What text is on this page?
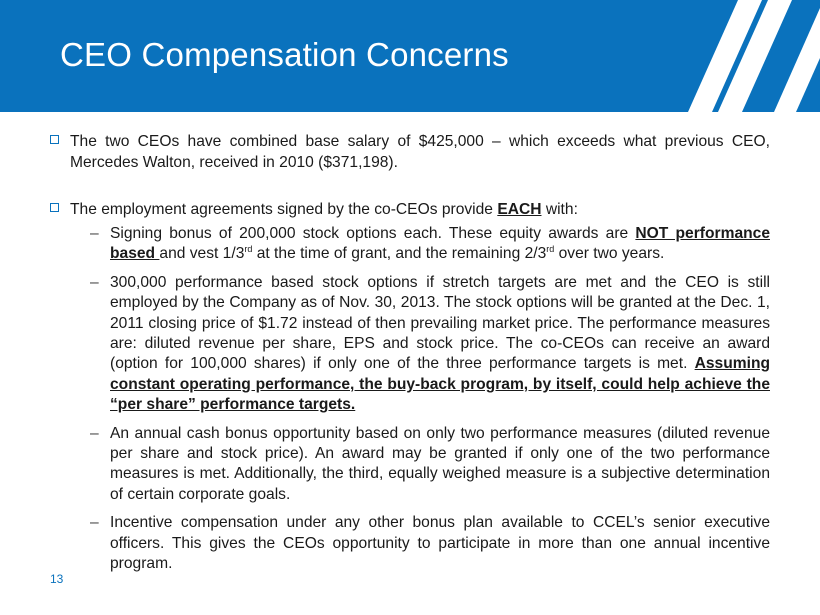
CEO Compensation Concerns
The two CEOs have combined base salary of $425,000 – which exceeds what previous CEO, Mercedes Walton, received in 2010 ($371,198).
The employment agreements signed by the co-CEOs provide EACH with:
– Signing bonus of 200,000 stock options each. These equity awards are NOT performance based and vest 1/3rd at the time of grant, and the remaining 2/3rd over two years.
– 300,000 performance based stock options if stretch targets are met and the CEO is still employed by the Company as of Nov. 30, 2013. The stock options will be granted at the Dec. 1, 2011 closing price of $1.72 instead of then prevailing market price. The performance measures are: diluted revenue per share, EPS and stock price. The co-CEOs can receive an award (option for 100,000 shares) if only one of the three performance targets is met. Assuming constant operating performance, the buy-back program, by itself, could help achieve the “per share” performance targets.
– An annual cash bonus opportunity based on only two performance measures (diluted revenue per share and stock price). An award may be granted if only one of the two performance measures is met. Additionally, the third, equally weighed measure is a subjective determination of certain corporate goals.
– Incentive compensation under any other bonus plan available to CCEL’s senior executive officers. This gives the CEOs opportunity to participate in more than one annual incentive program.
13
